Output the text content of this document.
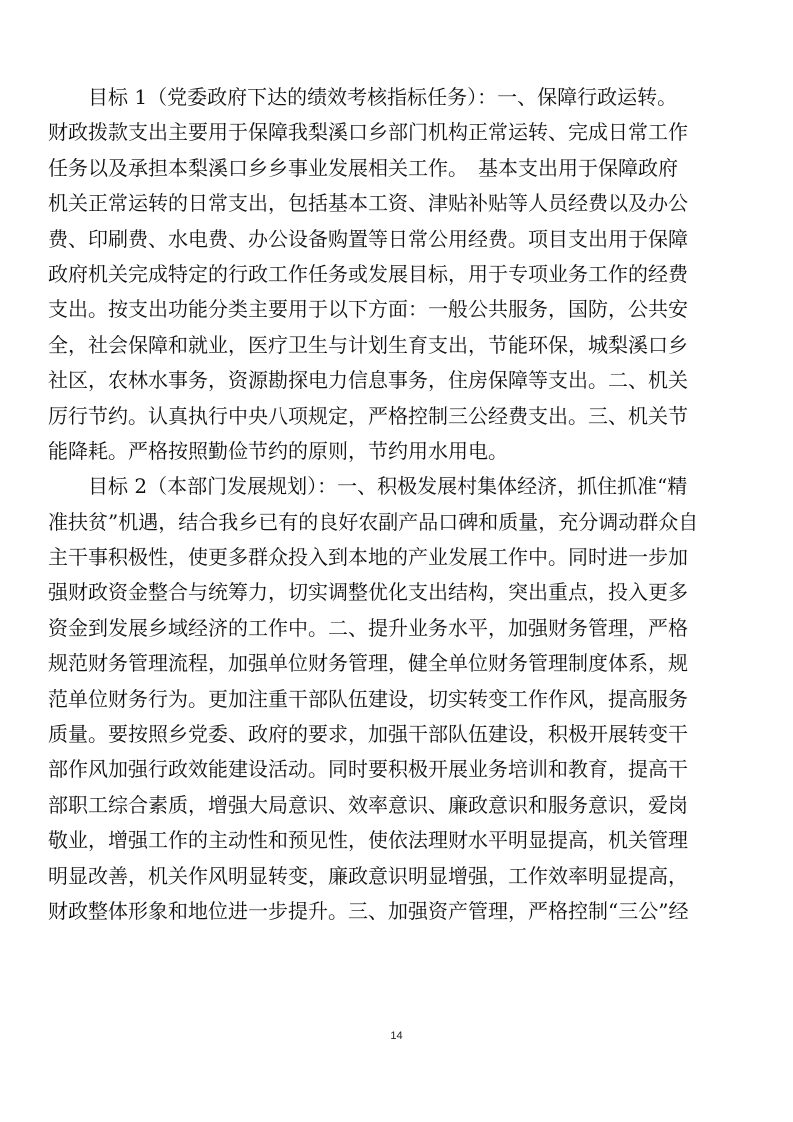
目标 1（党委政府下达的绩效考核指标任务）：一、保障行政运转。
财政拨款支出主要用于保障我梨溪口乡部门机构正常运转、完成日常工作
任务以及承担本梨溪口乡乡事业发展相关工作。　基本支出用于保障政府
机关正常运转的日常支出，包括基本工资、津贴补贴等人员经费以及办公
费、印刷费、水电费、办公设备购置等日常公用经费。项目支出用于保障
政府机关完成特定的行政工作任务或发展目标，用于专项业务工作的经费
支出。按支出功能分类主要用于以下方面：一般公共服务，国防，公共安
全，社会保障和就业，医疗卫生与计划生育支出，节能环保，城梨溪口乡
社区，农林水事务，资源勘探电力信息事务，住房保障等支出。二、机关
厉行节约。认真执行中央八项规定，严格控制三公经费支出。三、机关节
能降耗。严格按照勤俭节约的原则，节约用水用电。
目标 2（本部门发展规划）：一、积极发展村集体经济，抓住抓准“精
准扶贫”机遇，结合我乡已有的良好农副产品口碑和质量，充分调动群众自
主干事积极性，使更多群众投入到本地的产业发展工作中。同时进一步加
强财政资金整合与统筹力，切实调整优化支出结构，突出重点，投入更多
资金到发展乡域经济的工作中。二、提升业务水平，加强财务管理，严格
规范财务管理流程，加强单位财务管理，健全单位财务管理制度体系，规
范单位财务行为。更加注重干部队伍建设，切实转变工作作风，提高服务
质量。要按照乡党委、政府的要求，加强干部队伍建设，积极开展转变干
部作风加强行政效能建设活动。同时要积极开展业务培训和教育，提高干
部职工综合素质，增强大局意识、效率意识、廉政意识和服务意识，爱岗
敬业，增强工作的主动性和预见性，使依法理财水平明显提高，机关管理
明显改善，机关作风明显转变，廉政意识明显增强，工作效率明显提高，
财政整体形象和地位进一步提升。三、加强资产管理，严格控制“三公”经
14
